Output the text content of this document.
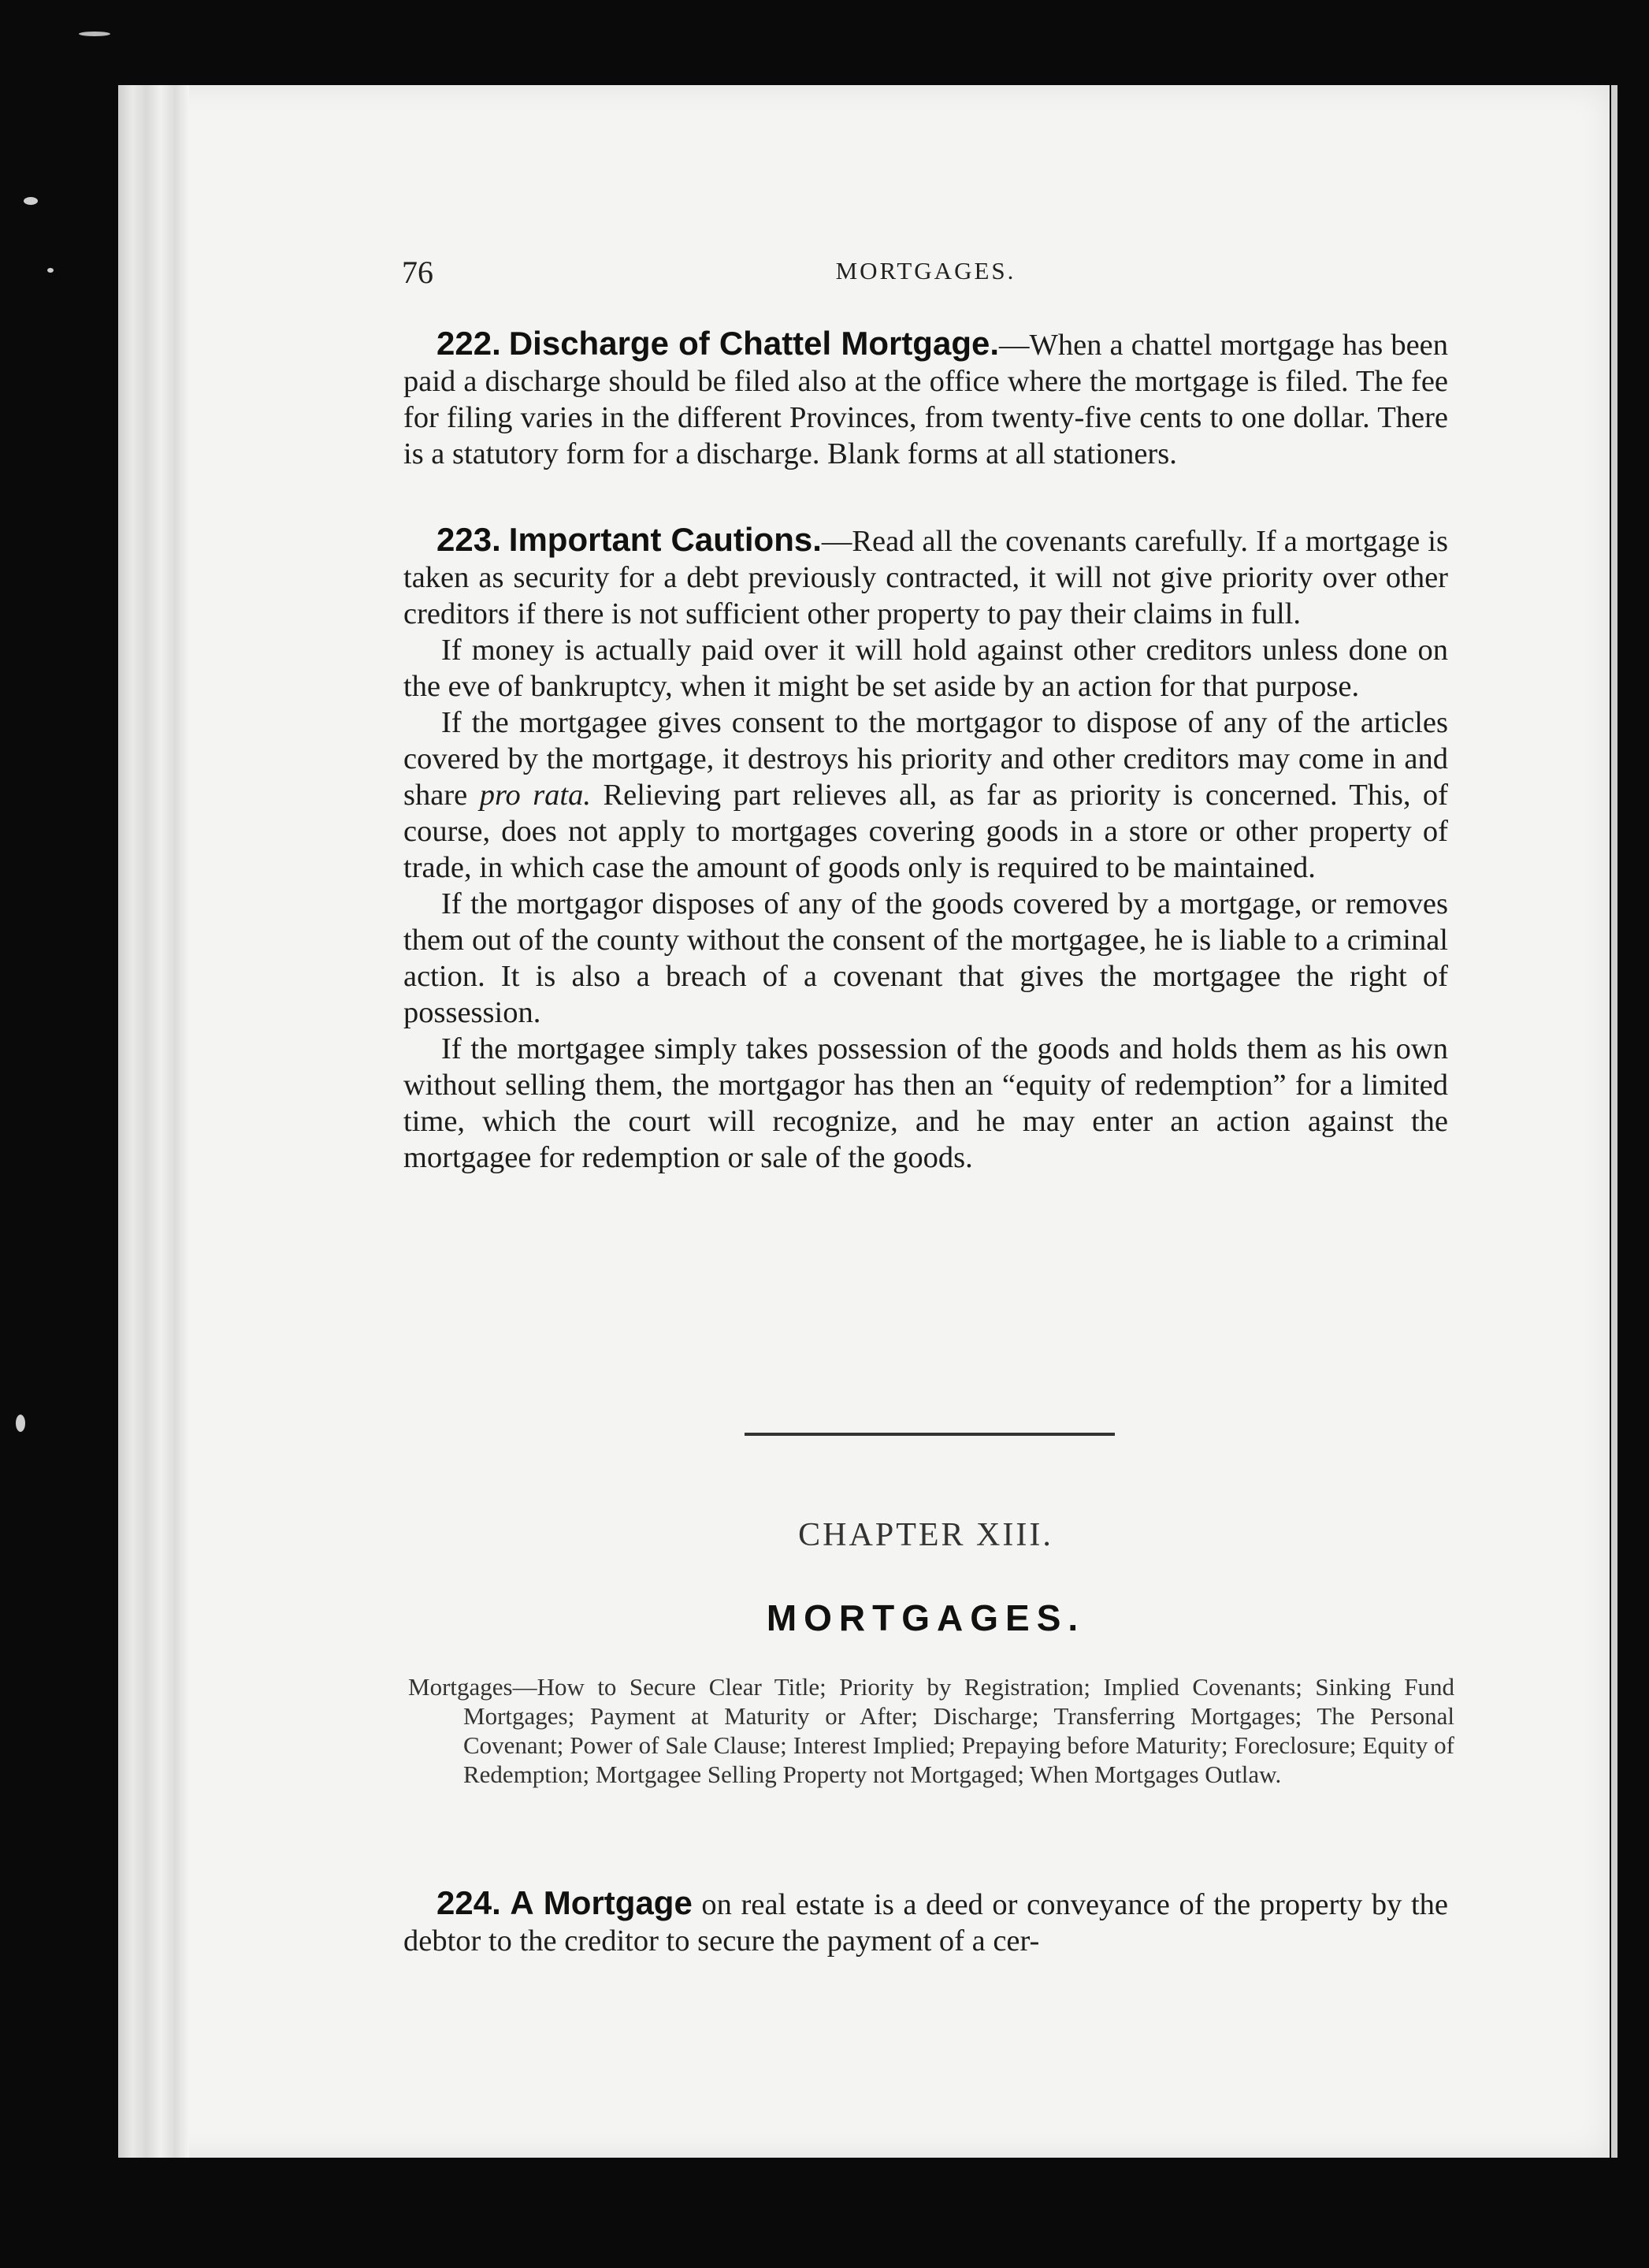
76	MORTGAGES.

222. Discharge of Chattel Mortgage.—When a chattel mortgage has been paid a discharge should be filed also at the office where the mortgage is filed. The fee for filing varies in the different Provinces, from twenty-five cents to one dollar. There is a statutory form for a discharge. Blank forms at all stationers.

223. Important Cautions.—Read all the covenants carefully. If a mortgage is taken as security for a debt previously contracted, it will not give priority over other creditors if there is not sufficient other property to pay their claims in full.

If money is actually paid over it will hold against other creditors unless done on the eve of bankruptcy, when it might be set aside by an action for that purpose.

If the mortgagee gives consent to the mortgagor to dispose of any of the articles covered by the mortgage, it destroys his priority and other creditors may come in and share pro rata. Relieving part relieves all, as far as priority is concerned. This, of course, does not apply to mortgages covering goods in a store or other property of trade, in which case the amount of goods only is required to be maintained.

If the mortgagor disposes of any of the goods covered by a mortgage, or removes them out of the county without the consent of the mortgagee, he is liable to a criminal action. It is also a breach of a covenant that gives the mortgagee the right of possession.

If the mortgagee simply takes possession of the goods and holds them as his own without selling them, the mortgagor has then an “equity of redemption” for a limited time, which the court will recognize, and he may enter an action against the mortgagee for redemption or sale of the goods.

CHAPTER XIII.
MORTGAGES.
Mortgages—How to Secure Clear Title; Priority by Registration; Implied Covenants; Sinking Fund Mortgages; Payment at Maturity or After; Discharge; Transferring Mortgages; The Personal Covenant; Power of Sale Clause; Interest Implied; Prepaying before Maturity; Foreclosure; Equity of Redemption; Mortgagee Selling Property not Mortgaged; When Mortgages Outlaw.

224. A Mortgage on real estate is a deed or conveyance of the property by the debtor to the creditor to secure the payment of a cer-
